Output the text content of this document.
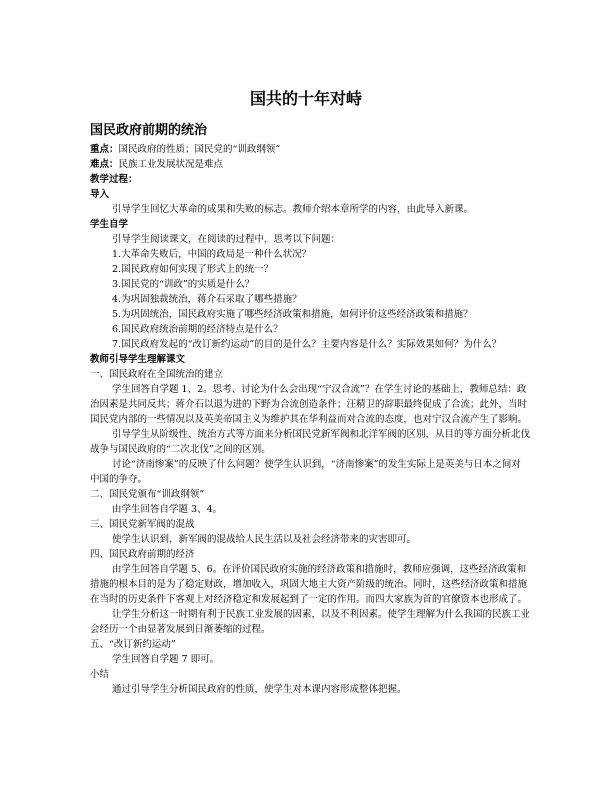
国共的十年对峙
国民政府前期的统治
重点：国民政府的性质；国民党的“训政纲领”
难点：民族工业发展状况是难点
教学过程：
导入
引导学生回忆大革命的成果和失败的标志。教师介绍本章所学的内容，由此导入新课。
学生自学
引导学生阅读课文，在阅读的过程中，思考以下问题：
1.大革命失败后，中国的政局是一种什么状况？
2.国民政府如何实现了形式上的统一？
3.国民党的“训政”的实质是什么？
4.为巩固独裁统治，蒋介石采取了哪些措施？
5.为巩固统治，国民政府实施了哪些经济政策和措施，如何评价这些经济政策和措施？
6.国民政府统治前期的经济特点是什么？
7.国民政府发起的“改订新约运动”的目的是什么？主要内容是什么？实际效果如何？为什么？
教师引导学生理解课文
一、国民政府在全国统治的建立
学生回答自学题 1、2。思考、讨论为什么会出现“宁汉合流”？在学生讨论的基础上，教师总结：政治因素是共同反共；蒋介石以退为进的下野为合流创造条件；汪精卫的辞职最终促成了合流；此外，当时国民党内部的一些情况以及英美帝国主义为维护其在华利益而对合流的态度，也对宁汉合流产生了影响。
引导学生从阶级性、统治方式等方面来分析国民党新军阀和北洋军阀的区别，从目的等方面分析北伐战争与国民政府的“二次北伐”之间的区别。
讨论“济南惨案”的反映了什么问题？使学生认识到，“济南惨案”的发生实际上是英美与日本之间对中国的争夺。
二、国民党颁布“训政纲领”
由学生回答自学题 3、4。
三、国民党新军阀的混战
使学生认识到，新军阀的混战给人民生活以及社会经济带来的灾害即可。
四、国民政府前期的经济
由学生回答自学题 5、6。在评价国民政府实施的经济政策和措施时，教师应强调，这些经济政策和措施的根本目的是为了稳定财政，增加收入，巩固大地主大资产阶级的统治。同时，这些经济政策和措施在当时的历史条件下客观上对经济稳定和发展起到了一定的作用。而四大家族为首的官僚资本也形成了。
让学生分析这一时期有利于民族工业发展的因素，以及不利因素。使学生理解为什么我国的民族工业会经历一个由显著发展到日渐萎缩的过程。
五、“改订新约运动”
学生回答自学题 7 即可。
小结
通过引导学生分析国民政府的性质，使学生对本课内容形成整体把握。
